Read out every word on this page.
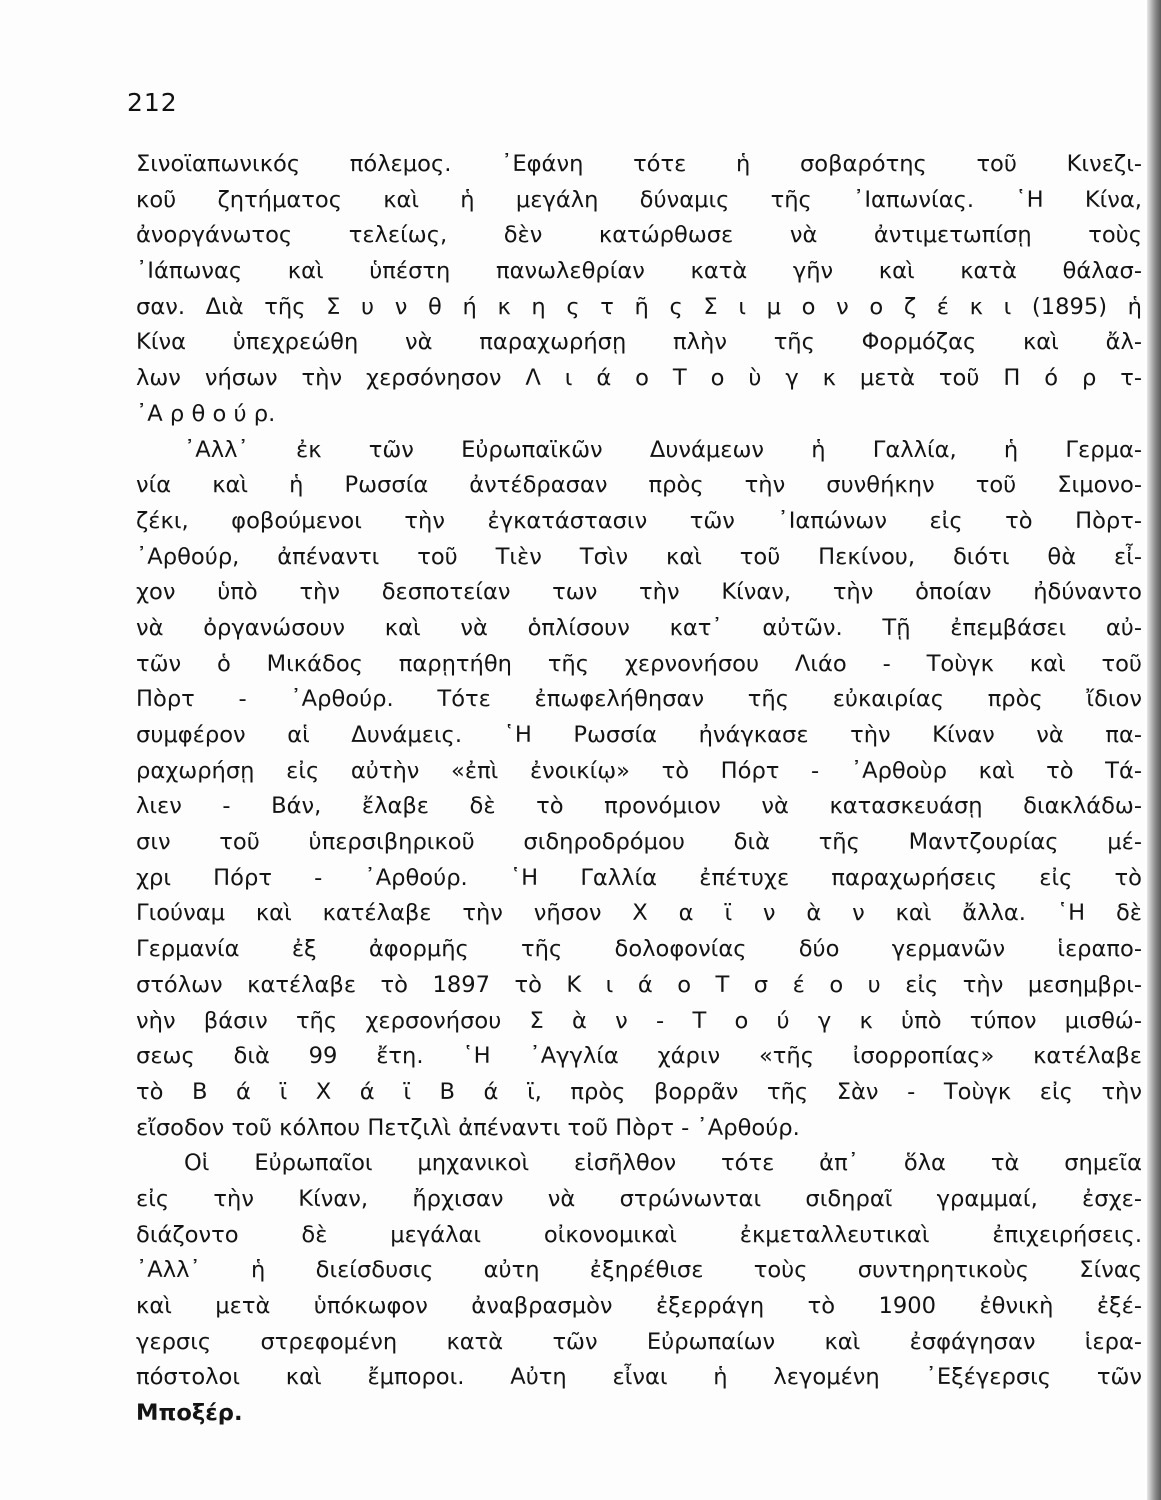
212
Σινοϊαπωνικός πόλεμος. ᾿Εφάνη τότε ἡ σοβαρότης τοῦ Κινεζι-
κοῦ ζητήματος καὶ ἡ μεγάλη δύναμις τῆς ᾿Ιαπωνίας. ῾Η Κίνα,
ἀνοργάνωτος τελείως, δὲν κατώρθωσε νὰ ἀντιμετωπίσῃ τοὺς
᾿Ιάπωνας καὶ ὑπέστη πανωλεθρίαν κατὰ γῆν καὶ κατὰ θάλασ-
σαν. Διὰ τῆς Σ υ ν θ ή κ η ς τ ῆ ς Σ ι μ ο ν ο ζ έ κ ι (1895) ἡ
Κίνα ὑπεχρεώθη νὰ παραχωρήσῃ πλὴν τῆς Φορμόζας καὶ ἄλ-
λων νήσων τὴν χερσόνησον Λ ι ά ο Τ ο ὺ γ κ μετὰ τοῦ Π ό ρ τ-
᾿Α ρ θ ο ύ ρ.
᾿Αλλ᾿ ἐκ τῶν Εὐρωπαϊκῶν Δυνάμεων ἡ Γαλλία, ἡ Γερμα-
νία καὶ ἡ Ρωσσία ἀντέδρασαν πρὸς τὴν συνθήκην τοῦ Σιμονο-
ζέκι, φοβούμενοι τὴν ἐγκατάστασιν τῶν ᾿Ιαπώνων εἰς τὸ Πὸρτ-
᾿Αρθούρ, ἀπέναντι τοῦ Τιὲν Τσὶν καὶ τοῦ Πεκίνου, διότι θὰ εἶ-
χον ὑπὸ τὴν δεσποτείαν των τὴν Κίναν, τὴν ὁποίαν ἠδύναντο
νὰ ὀργανώσουν καὶ νὰ ὁπλίσουν κατ᾿ αὐτῶν. Τῇ ἐπεμβάσει αὐ-
τῶν ὁ Μικάδος παρῃτήθη τῆς χερνονήσου Λιάο - Τοὺγκ καὶ τοῦ
Πὸρτ - ᾿Αρθούρ. Τότε ἐπωφελήθησαν τῆς εὐκαιρίας πρὸς ἴδιον
συμφέρον αἱ Δυνάμεις. ῾Η Ρωσσία ἠνάγκασε τὴν Κίναν νὰ πα-
ραχωρήσῃ εἰς αὐτὴν «ἐπὶ ἐνοικίῳ» τὸ Πόρτ - ᾿Αρθοὺρ καὶ τὸ Τά-
λιεν - Βάν, ἔλαβε δὲ τὸ προνόμιον νὰ κατασκευάσῃ διακλάδω-
σιν τοῦ ὑπερσιβηρικοῦ σιδηροδρόμου διὰ τῆς Μαντζουρίας μέ-
χρι Πόρτ - ᾿Αρθούρ. ῾Η Γαλλία ἐπέτυχε παραχωρήσεις εἰς τὸ
Γιούναμ καὶ κατέλαβε τὴν νῆσον Χ α ϊ ν ὰ ν καὶ ἄλλα. ῾Η δὲ
Γερμανία ἐξ ἀφορμῆς τῆς δολοφονίας δύο γερμανῶν ἱεραπο-
στόλων κατέλαβε τὸ 1897 τὸ Κ ι ά ο Τ σ έ ο υ εἰς τὴν μεσημβρι-
νὴν βάσιν τῆς χερσονήσου Σ ὰ ν - Τ ο ύ γ κ ὑπὸ τύπον μισθώ-
σεως διὰ 99 ἔτη. ῾Η ᾿Αγγλία χάριν «τῆς ἰσορροπίας» κατέλαβε
τὸ Β ά ϊ Χ ά ϊ Β ά ϊ, πρὸς βορρᾶν τῆς Σὰν - Τοὺγκ εἰς τὴν
εἴσοδον τοῦ κόλπου Πετζιλὶ ἀπέναντι τοῦ Πὸρτ - ᾿Αρθούρ.
Οἱ Εὐρωπαῖοι μηχανικοὶ εἰσῆλθον τότε ἀπ᾿ ὅλα τὰ σημεῖα
εἰς τὴν Κίναν, ἤρχισαν νὰ στρώνωνται σιδηραῖ γραμμαί, ἐσχε-
διάζοντο δὲ μεγάλαι οἰκονομικαὶ ἐκμεταλλευτικαὶ ἐπιχειρήσεις.
᾿Αλλ᾿ ἡ διείσδυσις αὐτη ἐξηρέθισε τοὺς συντηρητικοὺς Σίνας
καὶ μετὰ ὑπόκωφον ἀναβρασμὸν ἐξερράγη τὸ 1900 ἐθνικὴ ἐξέ-
γερσις στρεφομένη κατὰ τῶν Εὐρωπαίων καὶ ἐσφάγησαν ἱερα-
πόστολοι καὶ ἔμποροι. Αὐτη εἶναι ἡ λεγομένη ᾿Εξέγερσις τῶν
Μποξέρ.
